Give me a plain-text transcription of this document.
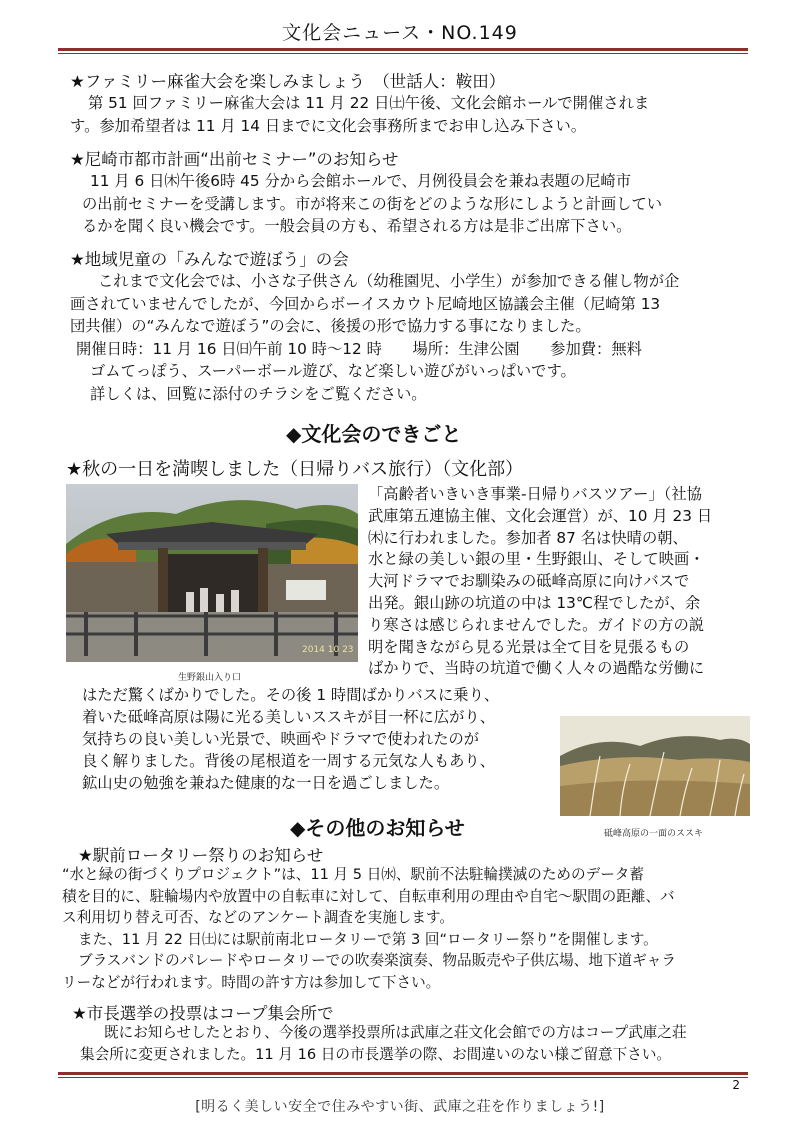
文化会ニュース・NO.149
★ファミリー麻雀大会を楽しみましょう　（世話人：鞍田）
第 51 回ファミリー麻雀大会は 11 月 22 日㈯午後、文化会館ホールで開催されま
す。参加希望者は 11 月 14 日までに文化会事務所までお申し込み下さい。
★尼崎市都市計画“出前セミナー”のお知らせ
11 月 6 日㈭午後6時 45 分から会館ホールで、月例役員会を兼ね表題の尼崎市
の出前セミナーを受講します。市が将来この街をどのような形にしようと計画してい
るかを聞く良い機会です。一般会員の方も、希望される方は是非ご出席下さい。
★地域児童の「みんなで遊ぼう」の会
これまで文化会では、小さな子供さん（幼稚園児、小学生）が参加できる催し物が企
画されていませんでしたが、今回からボーイスカウト尼崎地区協議会主催（尼崎第 13
団共催）の“みんなで遊ぼう”の会に、後援の形で協力する事になりました。
開催日時：11 月 16 日㈰午前 10 時～12 時　　場所：生津公園　　参加費：無料
ゴムてっぽう、スーパーボール遊び、など楽しい遊びがいっぱいです。
詳しくは、回覧に添付のチラシをご覧ください。
◆文化会のできごと
★秋の一日を満喫しました（日帰りバス旅行）（文化部）
2014 10 23
生野銀山入り口
「高齢者いきいき事業-日帰りバスツアー」（社協
武庫第五連協主催、文化会運営）が、10 月 23 日
㈭に行われました。参加者 87 名は快晴の朝、
水と緑の美しい銀の里・生野銀山、そして映画・
大河ドラマでお馴染みの砥峰高原に向けバスで
出発。銀山跡の坑道の中は 13℃程でしたが、余
り寒さは感じられませんでした。ガイドの方の説
明を聞きながら見る光景は全て目を見張るもの
ばかりで、当時の坑道で働く人々の過酷な労働に
はただ驚くばかりでした。その後 1 時間ばかりバスに乗り、
着いた砥峰高原は陽に光る美しいススキが目一杯に広がり、
気持ちの良い美しい光景で、映画やドラマで使われたのが
良く解りました。背後の尾根道を一周する元気な人もあり、
鉱山史の勉強を兼ねた健康的な一日を過ごしました。
砥峰高原の一面のススキ
◆その他のお知らせ
★駅前ロータリー祭りのお知らせ
“水と緑の街づくりプロジェクト”は、11 月 5 日㈬、駅前不法駐輪撲滅のためのデータ蓄
積を目的に、駐輪場内や放置中の自転車に対して、自転車利用の理由や自宅～駅間の距離、バ
ス利用切り替え可否、などのアンケート調査を実施します。
また、11 月 22 日㈯には駅前南北ロータリーで第 3 回“ロータリー祭り”を開催します。
ブラスバンドのパレードやロータリーでの吹奏楽演奏、物品販売や子供広場、地下道ギャラ
リーなどが行われます。時間の許す方は参加して下さい。
★市長選挙の投票はコープ集会所で
既にお知らせしたとおり、今後の選挙投票所は武庫之荘文化会館での方はコープ武庫之荘
集会所に変更されました。11 月 16 日の市長選挙の際、お間違いのない様ご留意下さい。
2
[明るく美しい安全で住みやすい街、武庫之荘を作りましょう!]
